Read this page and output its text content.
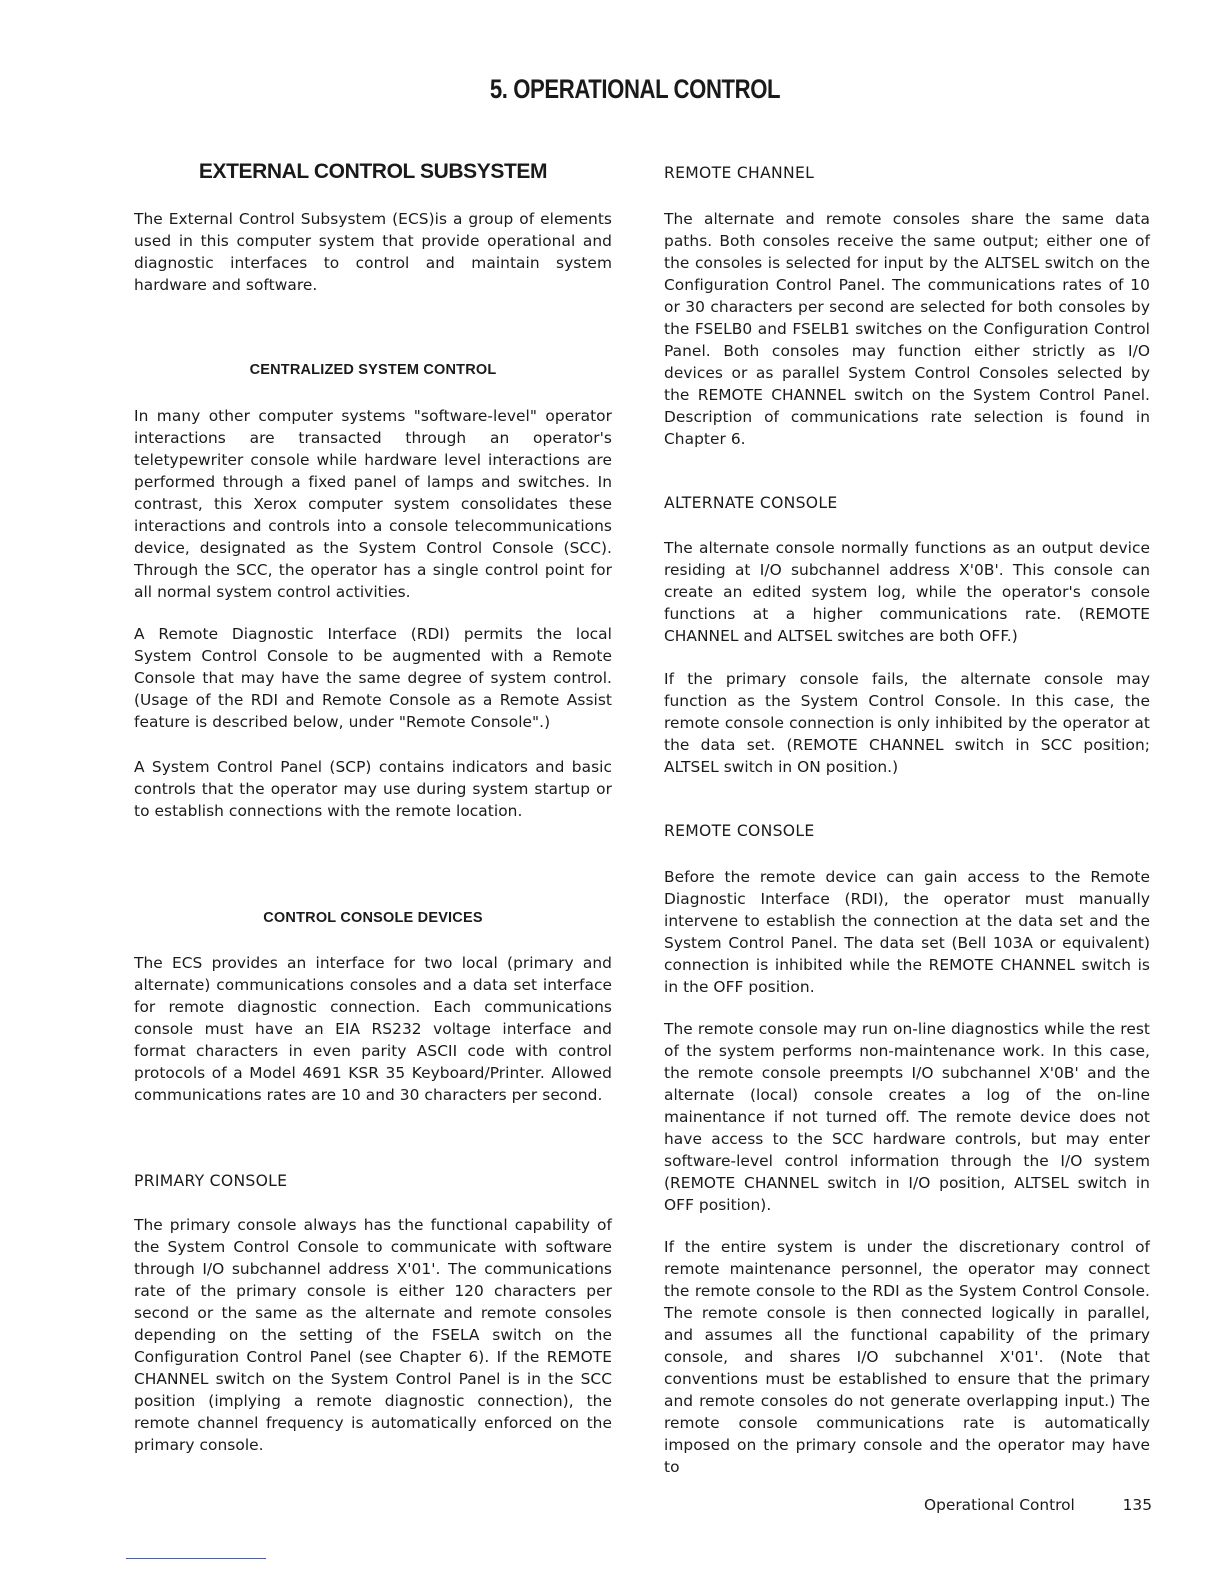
5. OPERATIONAL CONTROL
EXTERNAL CONTROL SUBSYSTEM

The External Control Subsystem (ECS)is a group of elements used in this computer system that provide operational and diagnostic interfaces to control and maintain system hardware and software.

CENTRALIZED SYSTEM CONTROL

In many other computer systems "software-level" operator interactions are transacted through an operator's teletypewriter console while hardware level interactions are performed through a fixed panel of lamps and switches. In contrast, this Xerox computer system consolidates these interactions and controls into a console telecommunications device, designated as the System Control Console (SCC). Through the SCC, the operator has a single control point for all normal system control activities.

A Remote Diagnostic Interface (RDI) permits the local System Control Console to be augmented with a Remote Console that may have the same degree of system control. (Usage of the RDI and Remote Console as a Remote Assist feature is described below, under "Remote Console".)

A System Control Panel (SCP) contains indicators and basic controls that the operator may use during system startup or to establish connections with the remote location.

CONTROL CONSOLE DEVICES

The ECS provides an interface for two local (primary and alternate) communications consoles and a data set interface for remote diagnostic connection. Each communications console must have an EIA RS232 voltage interface and format characters in even parity ASCII code with control protocols of a Model 4691 KSR 35 Keyboard/Printer. Allowed communications rates are 10 and 30 characters per second.

PRIMARY CONSOLE

The primary console always has the functional capability of the System Control Console to communicate with software through I/O subchannel address X'01'. The communications rate of the primary console is either 120 characters per second or the same as the alternate and remote consoles depending on the setting of the FSELA switch on the Configuration Control Panel (see Chapter 6). If the REMOTE CHANNEL switch on the System Control Panel is in the SCC position (implying a remote diagnostic connection), the remote channel frequency is automatically enforced on the primary console.

REMOTE CHANNEL

The alternate and remote consoles share the same data paths. Both consoles receive the same output; either one of the consoles is selected for input by the ALTSEL switch on the Configuration Control Panel. The communications rates of 10 or 30 characters per second are selected for both consoles by the FSELB0 and FSELB1 switches on the Configuration Control Panel. Both consoles may function either strictly as I/O devices or as parallel System Control Consoles selected by the REMOTE CHANNEL switch on the System Control Panel. Description of communications rate selection is found in Chapter 6.

ALTERNATE CONSOLE

The alternate console normally functions as an output device residing at I/O subchannel address X'0B'. This console can create an edited system log, while the operator's console functions at a higher communications rate. (REMOTE CHANNEL and ALTSEL switches are both OFF.)

If the primary console fails, the alternate console may function as the System Control Console. In this case, the remote console connection is only inhibited by the operator at the data set. (REMOTE CHANNEL switch in SCC position; ALTSEL switch in ON position.)

REMOTE CONSOLE

Before the remote device can gain access to the Remote Diagnostic Interface (RDI), the operator must manually intervene to establish the connection at the data set and the System Control Panel. The data set (Bell 103A or equivalent) connection is inhibited while the REMOTE CHANNEL switch is in the OFF position.

The remote console may run on-line diagnostics while the rest of the system performs non-maintenance work. In this case, the remote console preempts I/O subchannel X'0B' and the alternate (local) console creates a log of the on-line mainentance if not turned off. The remote device does not have access to the SCC hardware controls, but may enter software-level control information through the I/O system (REMOTE CHANNEL switch in I/O position, ALTSEL switch in OFF position).

If the entire system is under the discretionary control of remote maintenance personnel, the operator may connect the remote console to the RDI as the System Control Console. The remote console is then connected logically in parallel, and assumes all the functional capability of the primary console, and shares I/O subchannel X'01'. (Note that conventions must be established to ensure that the primary and remote consoles do not generate overlapping input.) The remote console communications rate is automatically imposed on the primary console and the operator may have to

Operational Control	135
